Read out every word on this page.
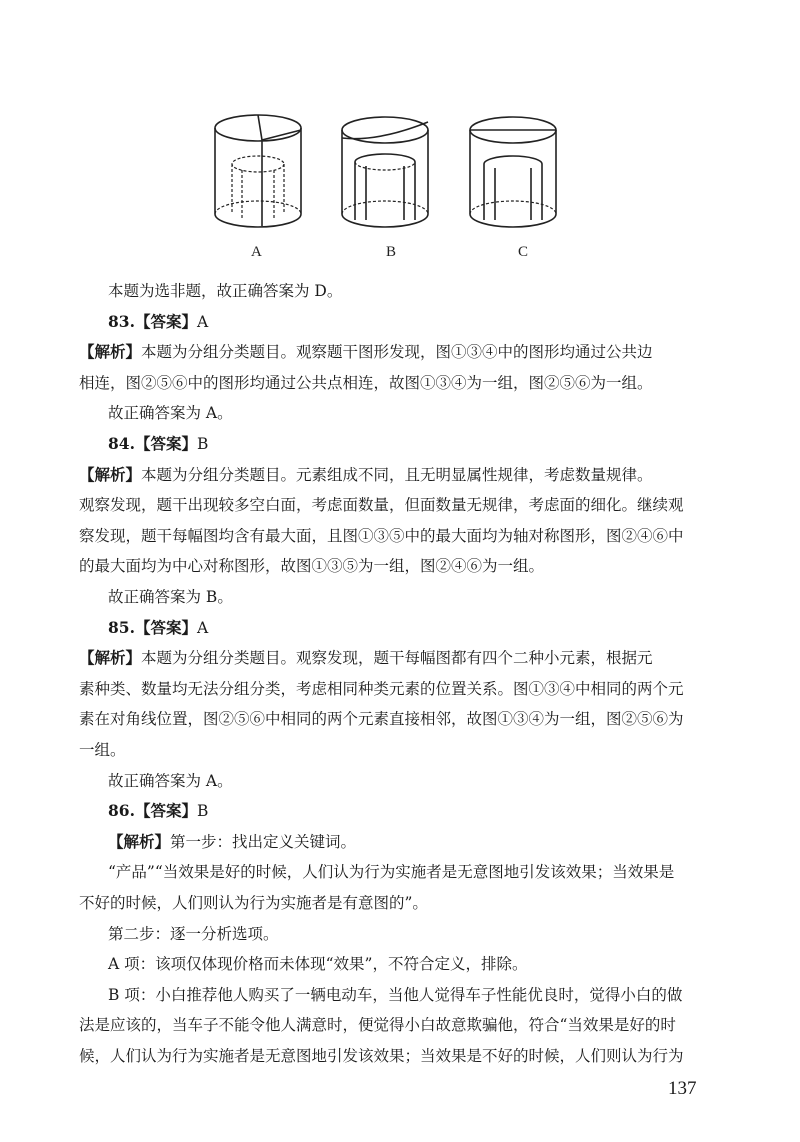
A	B	C
本题为选非题，故正确答案为 D。
83.【答案】A
【解析】本题为分组分类题目。观察题干图形发现，图①③④中的图形均通过公共边
相连，图②⑤⑥中的图形均通过公共点相连，故图①③④为一组，图②⑤⑥为一组。
故正确答案为 A。
84.【答案】B
【解析】本题为分组分类题目。元素组成不同，且无明显属性规律，考虑数量规律。
观察发现，题干出现较多空白面，考虑面数量，但面数量无规律，考虑面的细化。继续观
察发现，题干每幅图均含有最大面，且图①③⑤中的最大面均为轴对称图形，图②④⑥中
的最大面均为中心对称图形，故图①③⑤为一组，图②④⑥为一组。
故正确答案为 B。
85.【答案】A
【解析】本题为分组分类题目。观察发现，题干每幅图都有四个二种小元素，根据元
素种类、数量均无法分组分类，考虑相同种类元素的位置关系。图①③④中相同的两个元
素在对角线位置，图②⑤⑥中相同的两个元素直接相邻，故图①③④为一组，图②⑤⑥为
一组。
故正确答案为 A。
86.【答案】B
【解析】第一步：找出定义关键词。
“产品”“当效果是好的时候，人们认为行为实施者是无意图地引发该效果；当效果是
不好的时候，人们则认为行为实施者是有意图的”。
第二步：逐一分析选项。
A 项：该项仅体现价格而未体现“效果”，不符合定义，排除。
B 项：小白推荐他人购买了一辆电动车，当他人觉得车子性能优良时，觉得小白的做
法是应该的，当车子不能令他人满意时，便觉得小白故意欺骗他，符合“当效果是好的时
候，人们认为行为实施者是无意图地引发该效果；当效果是不好的时候，人们则认为行为
137
